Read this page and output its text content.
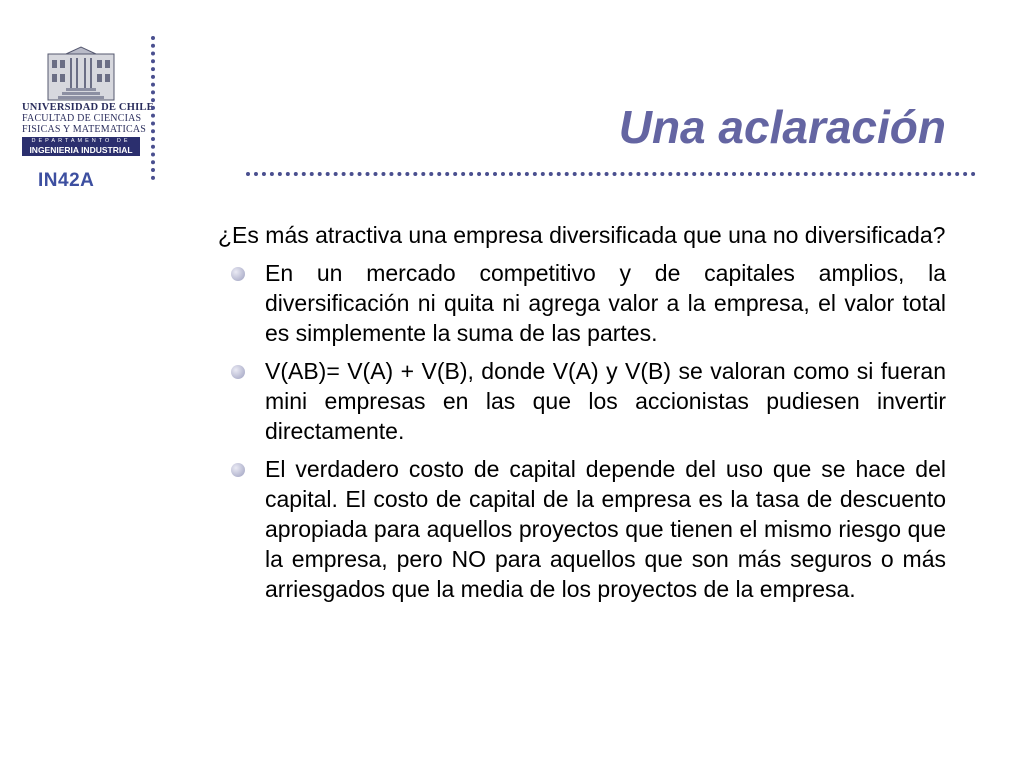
UNIVERSIDAD DE CHILE
FACULTAD DE CIENCIAS
FISICAS Y MATEMATICAS
DEPARTAMENTO DE
INGENIERIA INDUSTRIAL
IN42A
Una aclaración

¿Es más atractiva una empresa diversificada que una no diversificada?

En un mercado competitivo y de capitales amplios, la diversificación ni quita ni agrega valor a la empresa, el valor total es simplemente la suma de las partes.
V(AB)= V(A) + V(B), donde V(A) y V(B) se valoran como si fueran mini empresas en las que los accionistas pudiesen invertir directamente.
El verdadero costo de capital depende del uso que se hace del capital. El costo de capital de la empresa es la tasa de descuento apropiada para aquellos proyectos que tienen el mismo riesgo que la empresa, pero NO para aquellos que son más seguros o más arriesgados que la media de los proyectos de la empresa.
